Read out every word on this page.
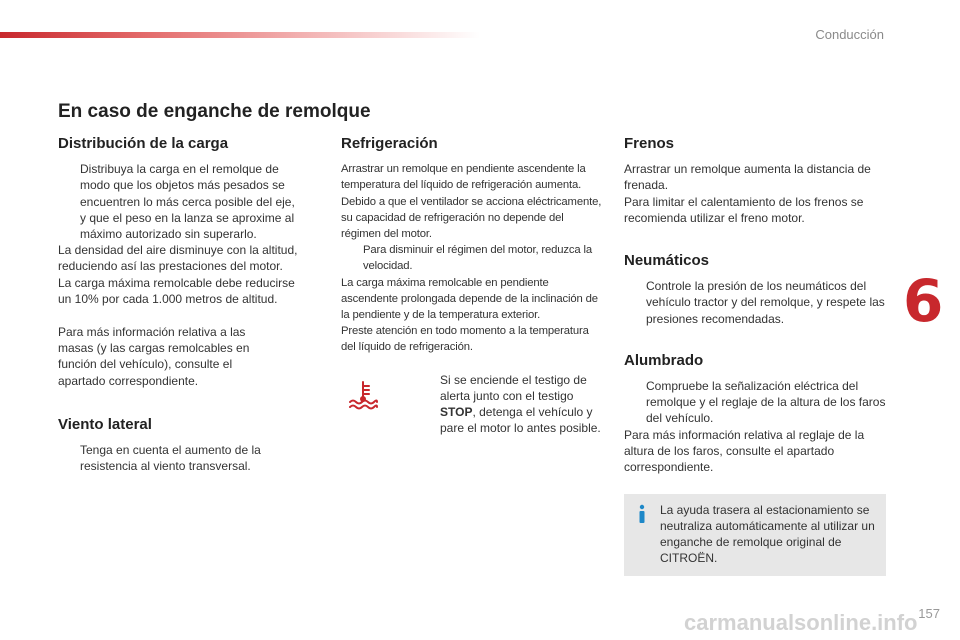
Conducción
6
En caso de enganche de remolque
Distribución de la carga

Distribuya la carga en el remolque de modo que los objetos más pesados se encuentren lo más cerca posible del eje, y que el peso en la lanza se aproxime al máximo autorizado sin superarlo.

La densidad del aire disminuye con la altitud, reduciendo así las prestaciones del motor. La carga máxima remolcable debe reducirse un 10% por cada 1.000 metros de altitud.

Para más información relativa a las masas (y las cargas remolcables en función del vehículo), consulte el apartado correspondiente.

Viento lateral

Tenga en cuenta el aumento de la resistencia al viento transversal.

Refrigeración

Arrastrar un remolque en pendiente ascendente la temperatura del líquido de refrigeración aumenta. Debido a que el ventilador se acciona eléctricamente, su capacidad de refrigeración no depende del régimen del motor.

Para disminuir el régimen del motor, reduzca la velocidad.

La carga máxima remolcable en pendiente ascendente prolongada depende de la inclinación de la pendiente y de la temperatura exterior.

Preste atención en todo momento a la temperatura del líquido de refrigeración.

Si se enciende el testigo de alerta junto con el testigo STOP, detenga el vehículo y pare el motor lo antes posible.

Frenos

Arrastrar un remolque aumenta la distancia de frenada.

Para limitar el calentamiento de los frenos se recomienda utilizar el freno motor.

Neumáticos

Controle la presión de los neumáticos del vehículo tractor y del remolque, y respete las presiones recomendadas.

Alumbrado

Compruebe la señalización eléctrica del remolque y el reglaje de la altura de los faros del vehículo.

Para más información relativa al reglaje de la altura de los faros, consulte el apartado correspondiente.

La ayuda trasera al estacionamiento se neutraliza automáticamente al utilizar un enganche de remolque original de CITROËN.
157
carmanualsonline.info
